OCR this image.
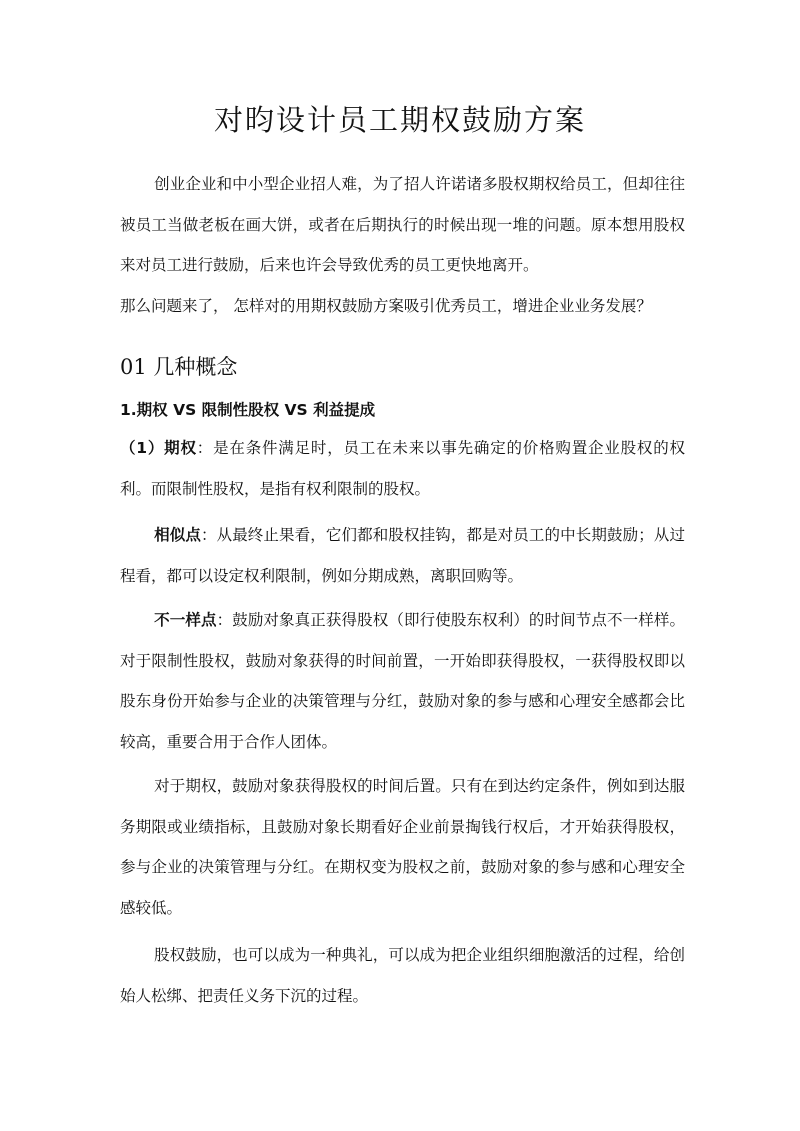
对昀设计员工期权鼓励方案
创业企业和中小型企业招人难，为了招人许诺诸多股权期权给员工，但却往往被员工当做老板在画大饼，或者在后期执行的时候出现一堆的问题。原本想用股权来对员工进行鼓励，后来也许会导致优秀的员工更快地离开。
那么问题来了， 怎样对的用期权鼓励方案吸引优秀员工，增进企业业务发展？
01 几种概念
1.期权 VS 限制性股权 VS 利益提成
（1）期权：是在条件满足时，员工在未来以事先确定的价格购置企业股权的权利。而限制性股权，是指有权利限制的股权。
相似点：从最终止果看，它们都和股权挂钩，都是对员工的中长期鼓励；从过程看，都可以设定权利限制，例如分期成熟，离职回购等。
不一样点：鼓励对象真正获得股权（即行使股东权利）的时间节点不一样样。对于限制性股权，鼓励对象获得的时间前置，一开始即获得股权，一获得股权即以股东身份开始参与企业的决策管理与分红，鼓励对象的参与感和心理安全感都会比较高，重要合用于合作人团体。
对于期权，鼓励对象获得股权的时间后置。只有在到达约定条件，例如到达服务期限或业绩指标，且鼓励对象长期看好企业前景掏钱行权后，才开始获得股权，参与企业的决策管理与分红。在期权变为股权之前，鼓励对象的参与感和心理安全感较低。
股权鼓励，也可以成为一种典礼，可以成为把企业组织细胞激活的过程，给创始人松绑、把责任义务下沉的过程。
